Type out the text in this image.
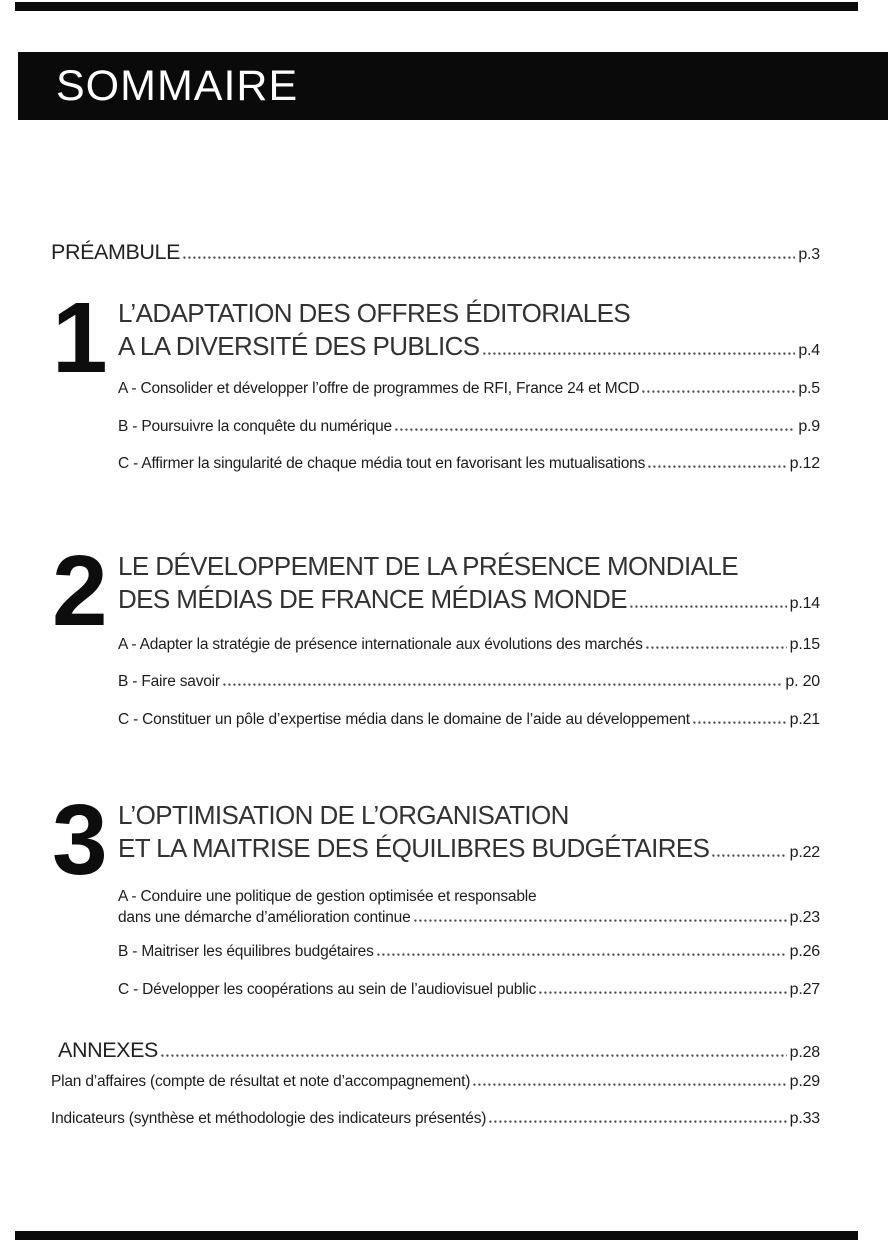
SOMMAIRE
PRÉAMBULE	p.3
1 L’ADAPTATION DES OFFRES ÉDITORIALES
A LA DIVERSITÉ DES PUBLICS	p.4
A - Consolider et développer l’offre de programmes de RFI, France 24 et MCD	p.5
B - Poursuivre la conquête du numérique	p.9
C - Affirmer la singularité de chaque média tout en favorisant les mutualisations	p.12
2 LE DÉVELOPPEMENT DE LA PRÉSENCE MONDIALE
DES MÉDIAS DE FRANCE MÉDIAS MONDE	p.14
A - Adapter la stratégie de présence internationale aux évolutions des marchés	p.15
B - Faire savoir	p. 20
C - Constituer un pôle d’expertise média dans le domaine de l’aide au développement	p.21
3 L’OPTIMISATION DE L’ORGANISATION
ET LA MAITRISE DES ÉQUILIBRES BUDGÉTAIRES	p.22
A - Conduire une politique de gestion optimisée et responsable
dans une démarche d’amélioration continue	p.23
B - Maitriser les équilibres budgétaires	p.26
C - Développer les coopérations au sein de l’audiovisuel public	p.27
ANNEXES	p.28
Plan d’affaires (compte de résultat et note d’accompagnement)	p.29
Indicateurs (synthèse et méthodologie des indicateurs présentés)	p.33
